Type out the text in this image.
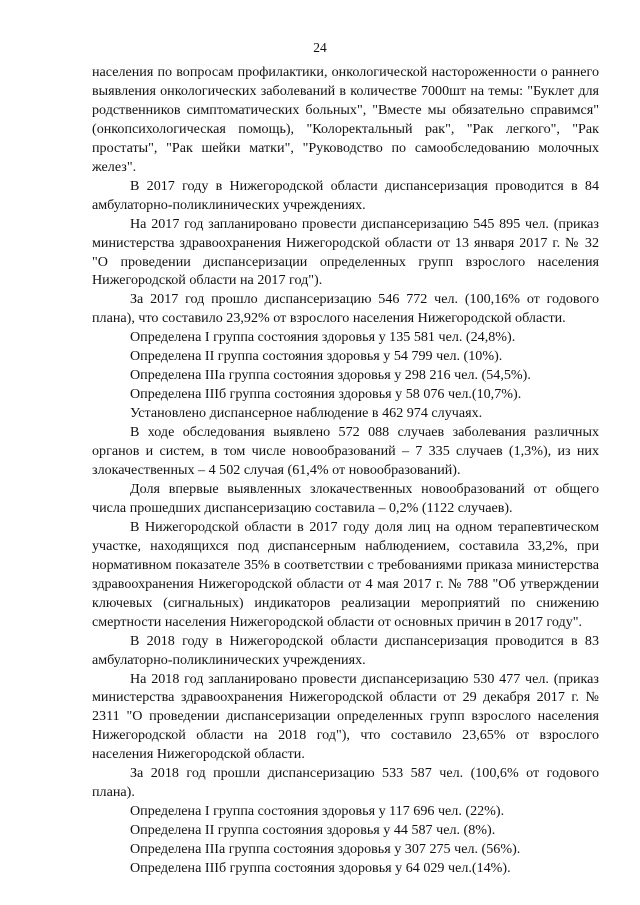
24

населения по вопросам профилактики, онкологической настороженности о раннего выявления онкологических заболеваний в количестве 7000шт на темы: "Буклет для родственников симптоматических больных", "Вместе мы обязательно справимся" (онкопсихологическая помощь), "Колоректальный рак", "Рак легкого", "Рак простаты", "Рак шейки матки", "Руководство по самообследованию молочных желез".

В 2017 году в Нижегородской области диспансеризация проводится в 84 амбулаторно-поликлинических учреждениях.

На 2017 год запланировано провести диспансеризацию 545 895 чел. (приказ министерства здравоохранения Нижегородской области от 13 января 2017 г. № 32 "О проведении диспансеризации определенных групп взрослого населения Нижегородской области на 2017 год").

За 2017 год прошло диспансеризацию 546 772 чел. (100,16% от годового плана), что составило 23,92% от взрослого населения Нижегородской области.

Определена I группа состояния здоровья у 135 581 чел. (24,8%).

Определена II группа состояния здоровья у 54 799 чел. (10%).

Определена IIIа группа состояния здоровья у 298 216 чел. (54,5%).

Определена IIIб группа состояния здоровья у 58 076 чел.(10,7%).

Установлено диспансерное наблюдение в 462 974 случаях.

В ходе обследования выявлено 572 088 случаев заболевания различных органов и систем, в том числе новообразований – 7 335 случаев (1,3%), из них злокачественных – 4 502 случая (61,4% от новообразований).

Доля впервые выявленных злокачественных новообразований от общего числа прошедших диспансеризацию составила – 0,2% (1122 случаев).

В Нижегородской области в 2017 году доля лиц на одном терапевтическом участке, находящихся под диспансерным наблюдением, составила 33,2%, при нормативном показателе 35% в соответствии с требованиями приказа министерства здравоохранения Нижегородской области от 4 мая 2017 г. № 788 "Об утверждении ключевых (сигнальных) индикаторов реализации мероприятий по снижению смертности населения Нижегородской области от основных причин в 2017 году".

В 2018 году в Нижегородской области диспансеризация проводится в 83 амбулаторно-поликлинических учреждениях.

На 2018 год запланировано провести диспансеризацию 530 477 чел. (приказ министерства здравоохранения Нижегородской области от 29 декабря 2017 г. № 2311 "О проведении диспансеризации определенных групп взрослого населения Нижегородской области на 2018 год"), что составило 23,65% от взрослого населения Нижегородской области.

За 2018 год прошли диспансеризацию 533 587 чел. (100,6% от годового плана).

Определена I группа состояния здоровья у 117 696 чел. (22%).

Определена II группа состояния здоровья у 44 587 чел. (8%).

Определена IIIа группа состояния здоровья у 307 275 чел. (56%).

Определена IIIб группа состояния здоровья у 64 029 чел.(14%).
